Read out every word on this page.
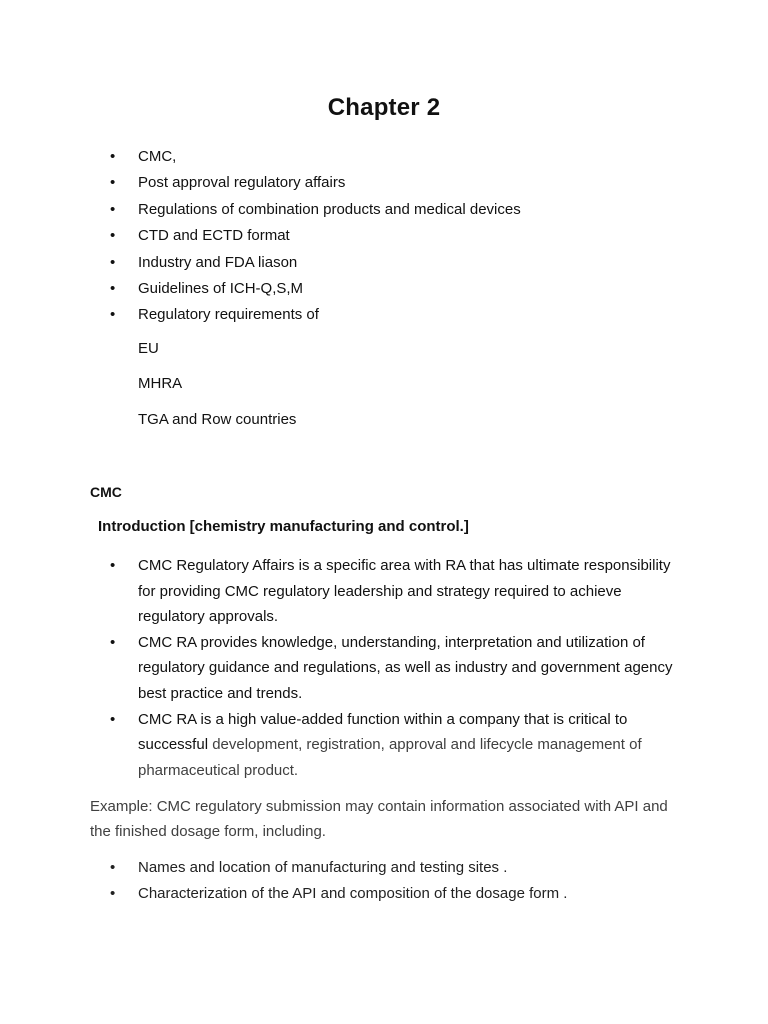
Chapter 2
• CMC,
• Post approval regulatory affairs
• Regulations of combination products and medical devices
• CTD and ECTD format
• Industry and FDA liason
• Guidelines of ICH-Q,S,M
• Regulatory requirements of
EU
MHRA
TGA and Row countries
CMC
Introduction [chemistry manufacturing and control.]
• CMC Regulatory Affairs is a specific area with RA that has ultimate responsibility for providing CMC regulatory leadership and strategy required to achieve regulatory approvals.
• CMC RA provides knowledge, understanding, interpretation and utilization of regulatory guidance and regulations, as well as industry and government agency best practice and trends.
• CMC RA is a high value-added function within a company that is critical to successful development, registration, approval and lifecycle management of pharmaceutical product.
Example: CMC regulatory submission may contain information associated with API and the finished dosage form, including.
• Names and location of manufacturing and testing sites .
• Characterization of the API and composition of the dosage form .
